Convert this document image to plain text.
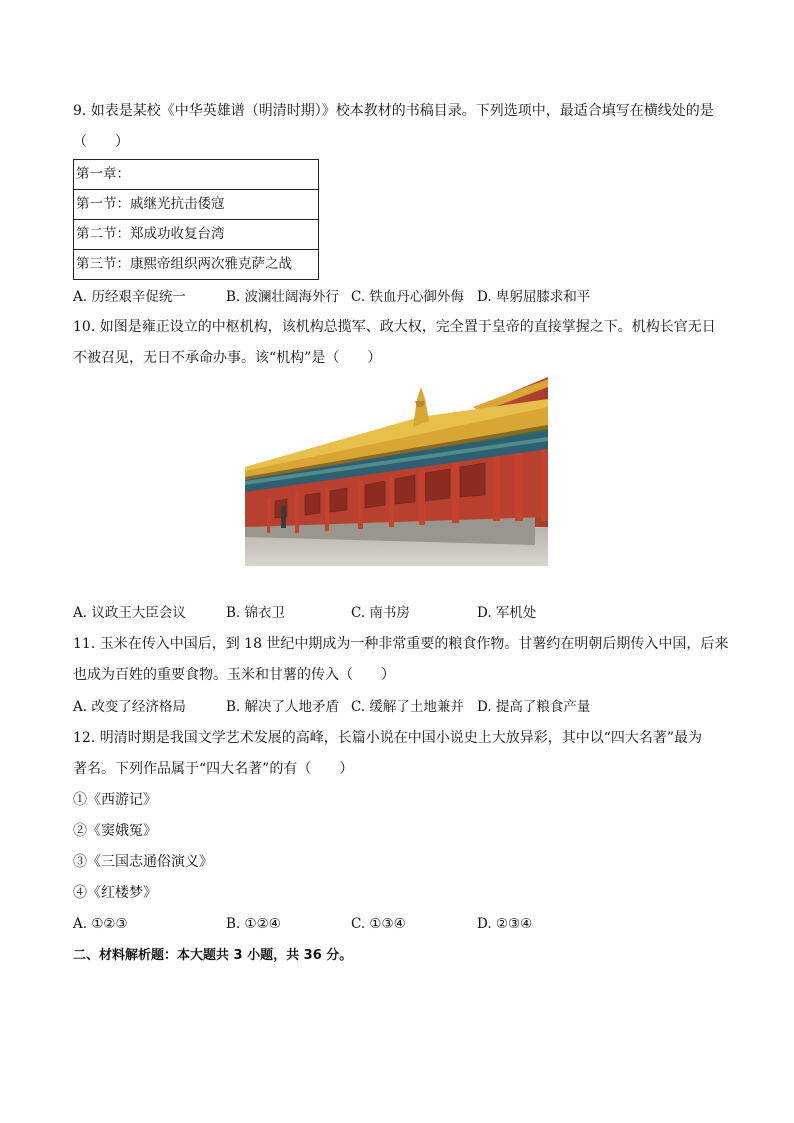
9. 如表是某校《中华英雄谱（明清时期）》校本教材的书稿目录。下列选项中，最适合填写在横线处的是
（　　）
第一章：
第一节：戚继光抗击倭寇
第二节：郑成功收复台湾
第三节：康熙帝组织两次雅克萨之战
A. 历经艰辛促统一	B. 波澜壮阔海外行 C. 铁血丹心御外侮 D. 卑躬屈膝求和平
10. 如图是雍正设立的中枢机构，该机构总揽军、政大权，完全置于皇帝的直接掌握之下。机构长官无日
不被召见，无日不承命办事。该“机构”是（　　）
A. 议政王大臣会议	B. 锦衣卫	C. 南书房	D. 军机处
11. 玉米在传入中国后，到 18 世纪中期成为一种非常重要的粮食作物。甘薯约在明朝后期传入中国，后来
也成为百姓的重要食物。玉米和甘薯的传入（　　）
A. 改变了经济格局	B. 解决了人地矛盾 C. 缓解了土地兼并 D. 提高了粮食产量
12. 明清时期是我国文学艺术发展的高峰，长篇小说在中国小说史上大放异彩，其中以“四大名著”最为
著名。下列作品属于“四大名著”的有（　　）
①《西游记》
②《窦娥冤》
③《三国志通俗演义》
④《红楼梦》
A. ①②③	B. ①②④	C. ①③④	D. ②③④
二、材料解析题：本大题共 3 小题，共 36 分。
